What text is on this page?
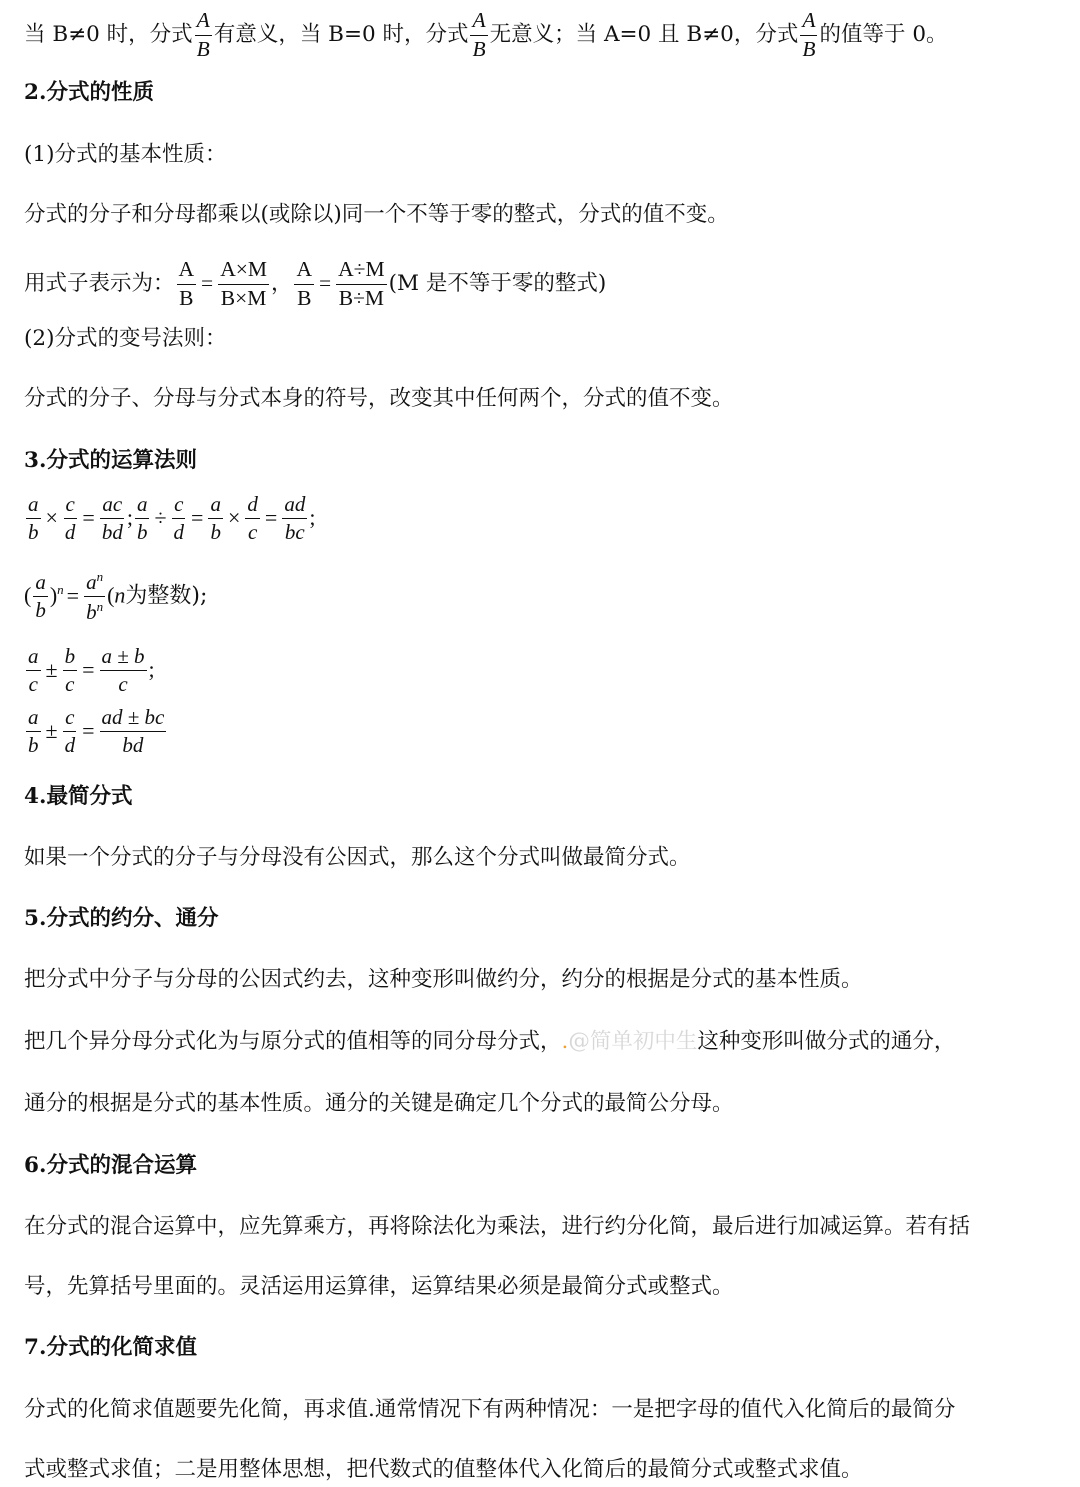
当 B≠0 时，分式 $\frac{A}{B}$ 有意义，当 B=0 时，分式 $\frac{A}{B}$ 无意义；当 A=0 且 B≠0，分式 $\frac{A}{B}$ 的值等于 0。
2.分式的性质
(1)分式的基本性质：
分式的分子和分母都乘以(或除以)同一个不等于零的整式，分式的值不变。
用式子表示为： $\frac{A}{B} = \frac{A\times M}{B\times M}$ ， $\frac{A}{B} = \frac{A\div M}{B\div M} (M$ 是不等于零的整式)
(2)分式的变号法则：
分式的分子、分母与分式本身的符号，改变其中任何两个，分式的值不变。
3.分式的运算法则
$\frac{a}{b} \times \frac{c}{d} = \frac{ac}{bd}$ ; $\frac{a}{b} \div \frac{c}{d} = \frac{a}{b} \times \frac{d}{c} = \frac{ad}{bc}$ ;
( $\frac{a}{b} )^n = \frac{a^n}{b^n} (n$为整数);
$\frac{a}{c} \pm \frac{b}{c} = \frac{a \pm b}{c}$ ;
$\frac{a}{b} \pm \frac{c}{d} = \frac{ad \pm bc}{bd}$
4.最简分式
如果一个分式的分子与分母没有公因式，那么这个分式叫做最简分式。
5.分式的约分、通分
把分式中分子与分母的公因式约去，这种变形叫做约分，约分的根据是分式的基本性质。
把几个异分母分式化为与原分式的值相等的同分母分式，.@简单初中生这种变形叫做分式的通分，
通分的根据是分式的基本性质。通分的关键是确定几个分式的最简公分母。
6.分式的混合运算
在分式的混合运算中，应先算乘方，再将除法化为乘法，进行约分化简，最后进行加减运算。若有括
号，先算括号里面的。灵活运用运算律，运算结果必须是最简分式或整式。
7.分式的化简求值
分式的化简求值题要先化简，再求值.通常情况下有两种情况：一是把字母的值代入化简后的最简分
式或整式求值；二是用整体思想，把代数式的值整体代入化简后的最简分式或整式求值。
